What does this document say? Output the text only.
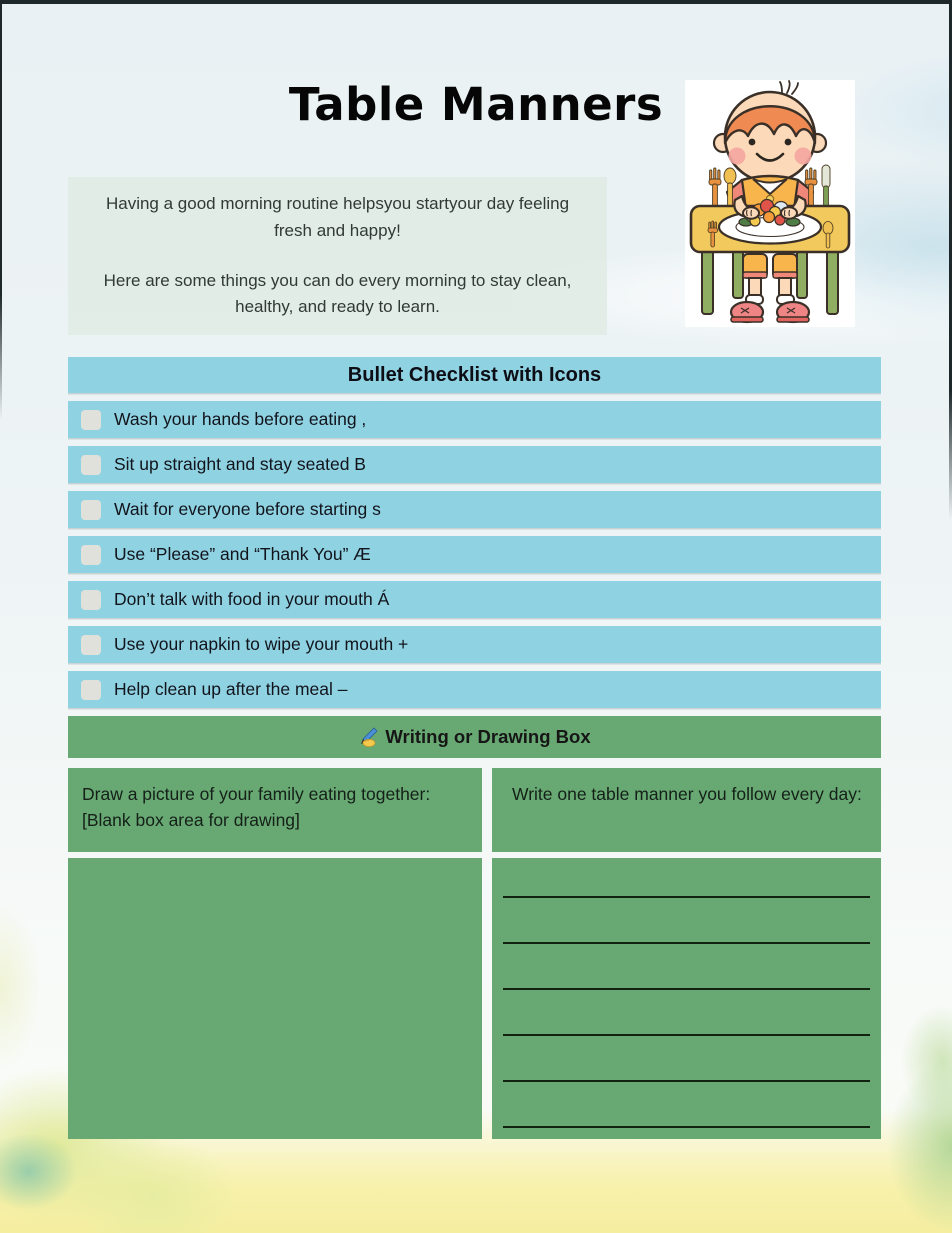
Table Manners

Having a good morning routine helpsyou startyour day feeling fresh and happy!

Here are some things you can do every morning to stay clean, healthy, and ready to learn.

Bullet Checklist with Icons
Wash your hands before eating ,
Sit up straight and stay seated B
Wait for everyone before starting s
Use “Please” and “Thank You” Æ
Don’t talk with food in your mouth Á
Use your napkin to wipe your mouth +
Help clean up after the meal –
Writing or Drawing Box
Draw a picture of your family eating together:
[Blank box area for drawing]
Write one table manner you follow every day:
